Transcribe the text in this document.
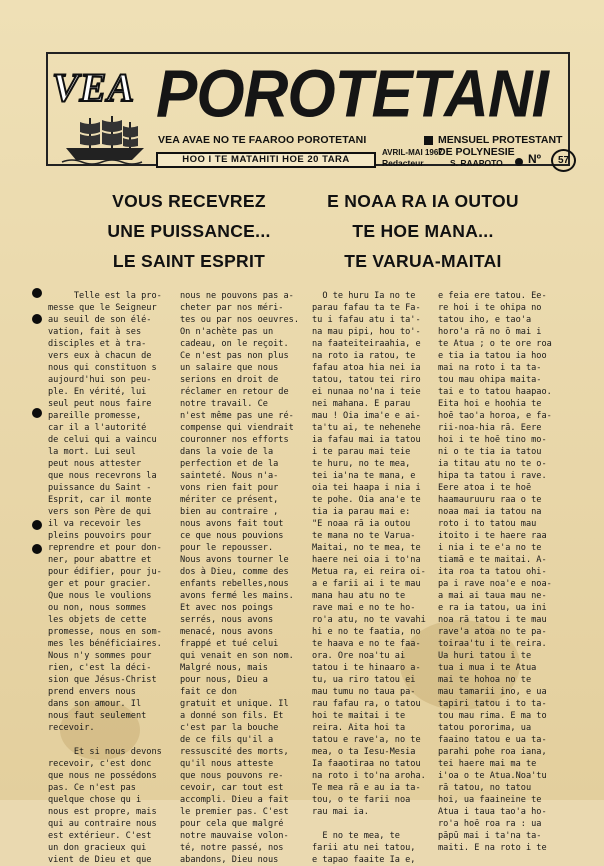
VEA POROTETANI
VEA AVAE NO TE FAAROO POROTETANI	MENSUEL PROTESTANT DE POLYNESIE
HOO I TE MATAHITI HOE 20 TARA
AVRIL-MAI 1967
Redacteur	S. RAAPOTO Nº	57
VOUS RECEVREZ
UNE PUISSANCE...
LE SAINT ESPRIT
E NOAA RA IA OUTOU
TE HOE MANA...
TE VARUA-MAITAI
Telle est la pro-
messe que le Seigneur
au seuil de son élé-
vation, fait à ses
disciples et à tra-
vers eux à chacun de
nous qui constituon s
aujourd'hui son peu-
ple. En vérité, lui
seul peut nous faire
pareille promesse,
car il a l'autorité
de celui qui a vaincu
la mort. Lui seul
peut nous attester
que nous recevrons la
puissance du Saint -
Esprit, car il monte
vers son Père de qui
il va recevoir les
pleins pouvoirs pour
reprendre et pour don-
ner, pour abattre et
pour édifier, pour ju-
ger et pour gracier.
Que nous le voulions
ou non, nous sommes
les objets de cette
promesse, nous en som-
mes les bénéficiaires.
Nous n'y sommes pour
rien, c'est la déci-
sion que Jésus-Christ
prend envers nous
dans son amour. Il
nous faut seulement
recevoir.

Et si nous devons
recevoir, c'est donc
que nous ne possédons
pas. Ce n'est pas
quelque chose qu i
nous est propre, mais
qui au contraire nous
est extérieur. C'est
un don gracieux qui
vient de Dieu et que
nous ne pouvons pas a-
cheter par nos méri-
tes ou par nos oeuvres.
On n'achète pas un
cadeau, on le reçoit.
Ce n'est pas non plus
un salaire que nous
serions en droit de
réclamer en retour de
notre travail. Ce
n'est même pas une ré-
compense qui viendrait
couronner nos efforts
dans la voie de la
perfection et de la
sainteté. Nous n'a-
vons rien fait pour
mériter ce présent,
bien au contraire ,
nous avons fait tout
ce que nous pouvions
pour le repousser.
Nous avons tourner le
dos à Dieu, comme des
enfants rebelles,nous
avons fermé les mains.
Et avec nos poings
serrés, nous avons
menacé, nous avons
frappé et tué celui
qui venait en son nom.
Malgré nous, mais
pour nous, Dieu a
fait ce don
gratuit et unique. Il
a donné son fils. Et
c'est par la bouche
de ce fils qu'il a
ressuscité des morts,
qu'il nous atteste
que nous pouvons re-
cevoir, car tout est
accompli. Dieu a fait
le premier pas. C'est
pour cela que malgré
notre mauvaise volon-
té, notre passé, nos
abandons, Dieu nous
O te huru Ia no te
parau fafau ta te Fa-
tu i fafau atu i ta'-
na mau pipi, hou to'-
na faateiteiraahia, e
na roto ia ratou, te
fafau atoa hia nei ia
tatou, tatou tei riro
ei nunaa no'na i teie
nei mahana. E parau
mau ! Oia ima'e e ai-
ta'tu ai, te nehenehe
ia fafau mai ia tatou
i te parau mai teie
te huru, no te mea,
tei ia'na te mana, e
oia tei haapa i nia i
te pohe. Oia ana'e te
tia ia parau mai e:
"E noaa rā ia outou
te mana no te Varua-
Maitai, no te mea, te
haere nei oia i to'na
Metua ra, ei reira oi-
a e farii ai i te mau
mana hau atu no te
rave mai e no te ho-
ro'a atu, no te vavahi
hi e no te faatia, no
te haava e no te faa-
ora. Ore noa'tu ai
tatou i te hinaaro a-
tu, ua riro tatou ei
mau tumu no taua pa-
rau fafau ra, o tatou
hoi te maitai i te
reira. Aita hoi ta
tatou e rave'a, no te
mea, o ta Iesu-Mesia
Ia faaotiraa no tatou
na roto i to'na aroha.
Te mea rā e au ia ta-
tou, o te farii noa
rau mai ia.

E no te mea, te
farii atu nei tatou,
e tapao faaite Ia e,
e feia ere tatou. Ee-
re hoi i te ohipa no
tatou iho, e tao'a
horo'a rā no ō mai i
te Atua ; o te ore roa
e tia ia tatou ia hoo
mai na roto i ta ta-
tou mau ohipa maita-
tai e to tatou haapao.
Eita hoi e hoohia te
hoē tao'a horoa, e fa-
rii-noa-hia rā. Eere
hoi i te hoē tino mo-
ni o te tia ia tatou
ia titau atu no te o-
hipa ta tatou i rave.
Eere atoa i te hoē
haamauruuru raa o te
noaa mai ia tatou na
roto i to tatou mau
itoito i te haere raa
i nia i te e'a no te
tiamā e te maitai. A-
ita roa ta tatou ohi-
pa i rave noa'e e noa-
a mai ai taua mau ne-
e ra ia tatou, ua ini
noa rā tatou i te mau
rave'a atoa no te pa-
toiraa'tu i te reira.
Ua huri tatou i te
tua i mua i te Atua
mai te hohoa no te
mau tamarii ino, e ua
tapiri tatou i to ta-
tou mau rima. E ma to
tatou pororima, ua
faaino tatou e ua ta-
parahi pohe roa iana,
tei haere mai ma te
i'oa o te Atua.Noa'tu
rā tatou, no tatou
hoi, ua faaineine te
Atua i taua tao'a ho-
ro'a hoē roa ra : ua
pāpū mai i ta'na ta-
maiti. E na roto i te
